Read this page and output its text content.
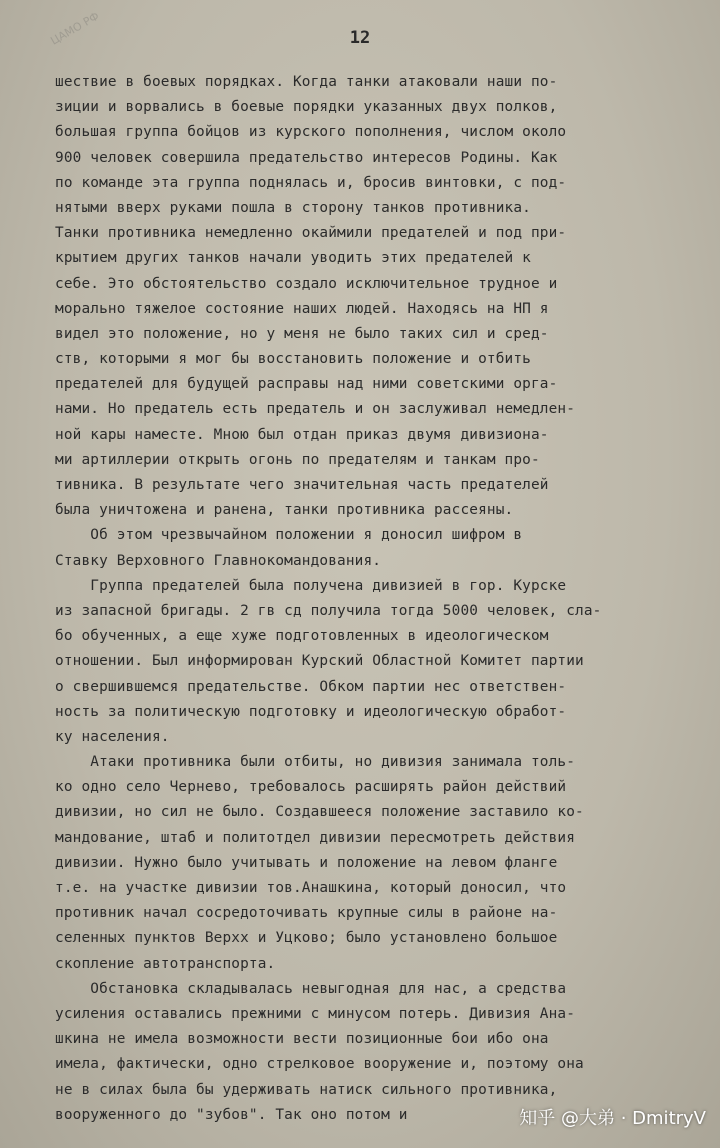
ЦАМО РФ	12
шествие в боевых порядках. Когда танки атаковали наши по-
зиции и ворвались в боевые порядки указанных двух полков,
большая группа бойцов из курского пополнения, числом около
900 человек совершила предательство интересов Родины. Как
по команде эта группа поднялась и, бросив винтовки, с под-
нятыми вверх руками пошла в сторону танков противника.
Танки противника немедленно окаймили предателей и под при-
крытием других танков начали уводить этих предателей к
себе. Это обстоятельство создало исключительное трудное и
морально тяжелое состояние наших людей. Находясь на НП я
видел это положение, но у меня не было таких сил и сред-
ств, которыми я мог бы восстановить положение и отбить
предателей для будущей расправы над ними советскими орга-
нами. Но предатель есть предатель и он заслуживал немедлен-
ной кары наместе. Мною был отдан приказ двумя дивизиона-
ми артиллерии открыть огонь по предателям и танкам про-
тивника. В результате чего значительная часть предателей
была уничтожена и ранена, танки противника рассеяны.
Об этом чрезвычайном положении я доносил шифром в
Ставку Верховного Главнокомандования.
Группа предателей была получена дивизией в гор. Курске
из запасной бригады. 2 гв сд получила тогда 5000 человек, сла-
бо обученных, а еще хуже подготовленных в идеологическом
отношении. Был информирован Курский Областной Комитет партии
о свершившемся предательстве. Обком партии нес ответствен-
ность за политическую подготовку и идеологическую обработ-
ку населения.
Атаки противника были отбиты, но дивизия занимала толь-
ко одно село Чернево, требовалось расширять район действий
дивизии, но сил не было. Создавшееся положение заставило ко-
мандование, штаб и политотдел дивизии пересмотреть действия
дивизии. Нужно было учитывать и положение на левом фланге
т.е. на участке дивизии тов.Анашкина, который доносил, что
противник начал сосредоточивать крупные силы в районе на-
селенных пунктов Верхх и Уцково; было установлено большое
скопление автотранспорта.
Обстановка складывалась невыгодная для нас, а средства
усиления оставались прежними с минусом потерь. Дивизия Ана-
шкина не имела возможности вести позиционные бои ибо она
имела, фактически, одно стрелковое вооружение и, поэтому она
не в силах была бы удерживать натиск сильного противника,
вооруженного до "зубов". Так оно потом и	知乎 @大弟 · DmitryV
